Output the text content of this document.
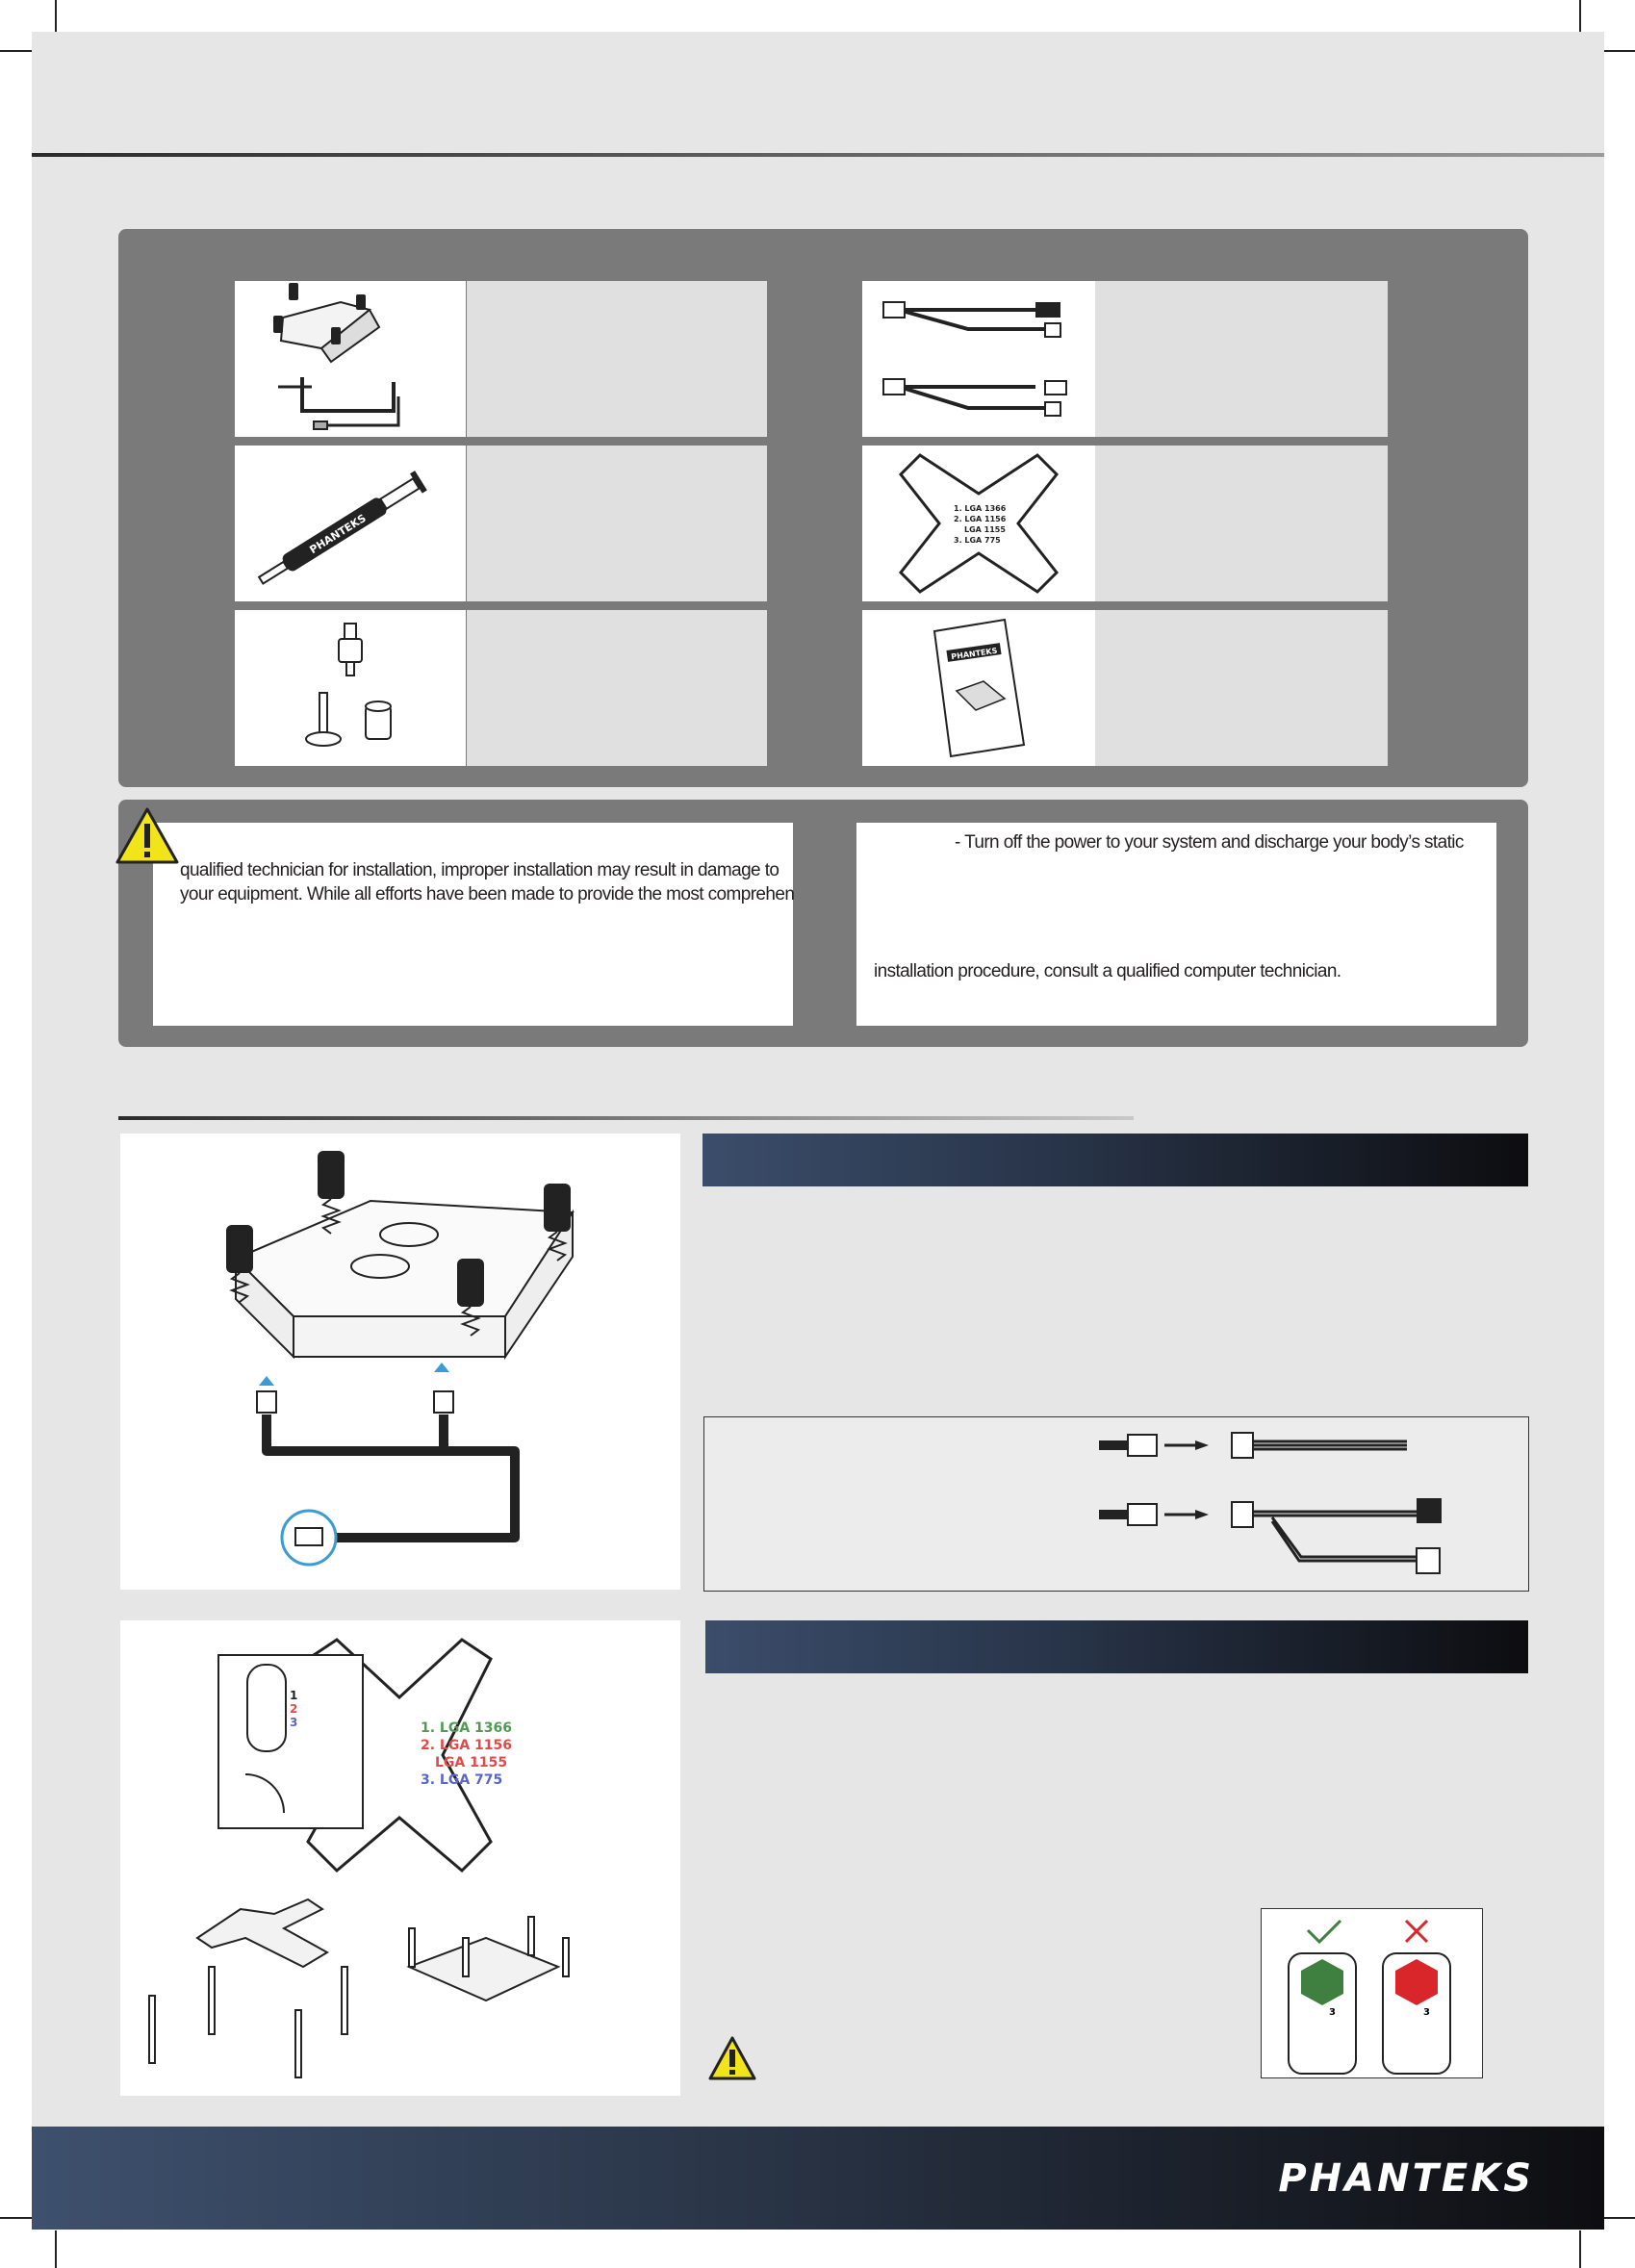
PHANTEKS
1. LGA 1366
2. LGA 1156
LGA 1155
3. LGA 775
PHANTEKS
qualified technician for installation, improper installation may result in damage to
your equipment. While all efforts have been made to provide the most comprehen
- Turn off the power to your system and discharge your body’s static
installation procedure, consult a qualified computer technician.
1
2
3	1. LGA 1366
2. LGA 1156
LGA 1155
3. LGA 775
3	3
PHANTEKS
